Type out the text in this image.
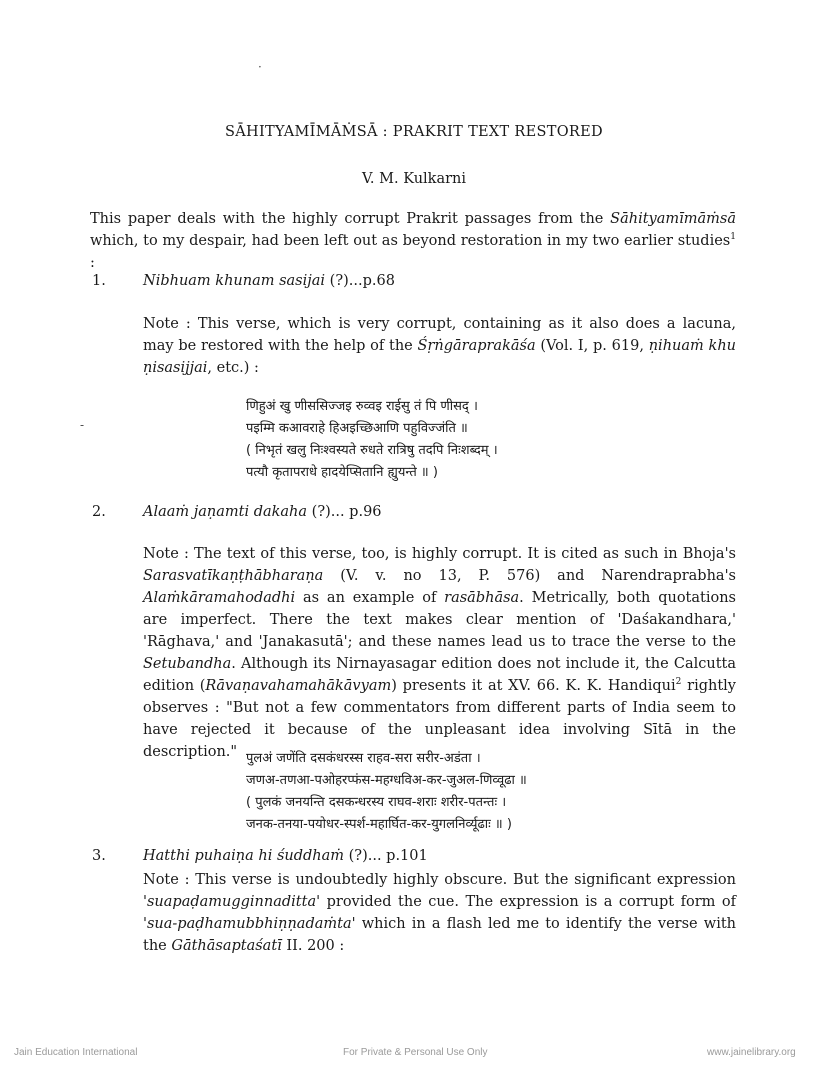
·
SĀHITYAMĪMĀṀSĀ : PRAKRIT TEXT RESTORED
V. M. Kulkarni
This paper deals with the highly corrupt Prakrit passages from the Sāhityamīmāṁsā which, to my despair, had been left out as beyond restoration in my two earlier studies$^1$ :
1.	Nibhuam khunam sasijai (?)...p.68
Note : This verse, which is very corrupt, containing as it also does a lacuna, may be restored with the help of the Śṛṅgāraprakāśa (Vol. I, p. 619, ṇihuaṁ khu ṇisasijjai, etc.) :
णिहुअं खु णीससिज्जइ रुव्वइ राईसु तं पि णीसद् ।
पइम्मि कआवराहे हिअइच्छिआणि पहुविज्जंति ॥
( निभृतं खलु निःश्वस्यते रुधते रात्रिषु तदपि निःशब्दम् ।
पत्यौ कृतापराधे हादयेप्सितानि ह्युयन्ते ॥ )
-
2.	Alaaṁ jaṇamti dakaha (?)... p.96
Note : The text of this verse, too, is highly corrupt. It is cited as such in Bhoja's Sarasvatīkaṇṭhābharaṇa (V. v. no 13, P. 576) and Narendraprabha's Alaṁkāramahodadhi as an example of rasābhāsa. Metrically, both quotations are imperfect. There the text makes clear mention of 'Daśakandhara,' 'Rāghava,' and 'Janakasutā'; and these names lead us to trace the verse to the Setubandha. Although its Nirnayasagar edition does not include it, the Calcutta edition (Rāvaṇavahamahākāvyam) presents it at XV. 66. K. K. Handiqui$^2$ rightly observes : "But not a few commentators from different parts of India seem to have rejected it because of the unpleasant idea involving Sītā in the description." पुलअं जणेंति दसकंधरस्स राहव-सरा सरीर-अडंता ।
जणअ-तणआ-पओहरप्फंस-महग्धविअ-कर-जुअल-णिव्वूढा ॥
( पुलकं जनयन्ति दसकन्धरस्य राघव-शराः शरीर-पतन्तः ।
जनक-तनया-पयोधर-स्पर्श-महार्घित-कर-युगलनिर्व्यूढाः ॥ )
3.	Hatthi puhaiṇa hi śuddhaṁ (?)... p.101
Note : This verse is undoubtedly highly obscure. But the significant expression 'suapaḍamugginnaditta' provided the cue. The expression is a corrupt form of 'sua-paḍhamubbhiṇṇadaṁta' which in a flash led me to identify the verse with the Gāthāsaptaśatī II. 200 :
Jain Education International	For Private & Personal Use Only	www.jainelibrary.org
